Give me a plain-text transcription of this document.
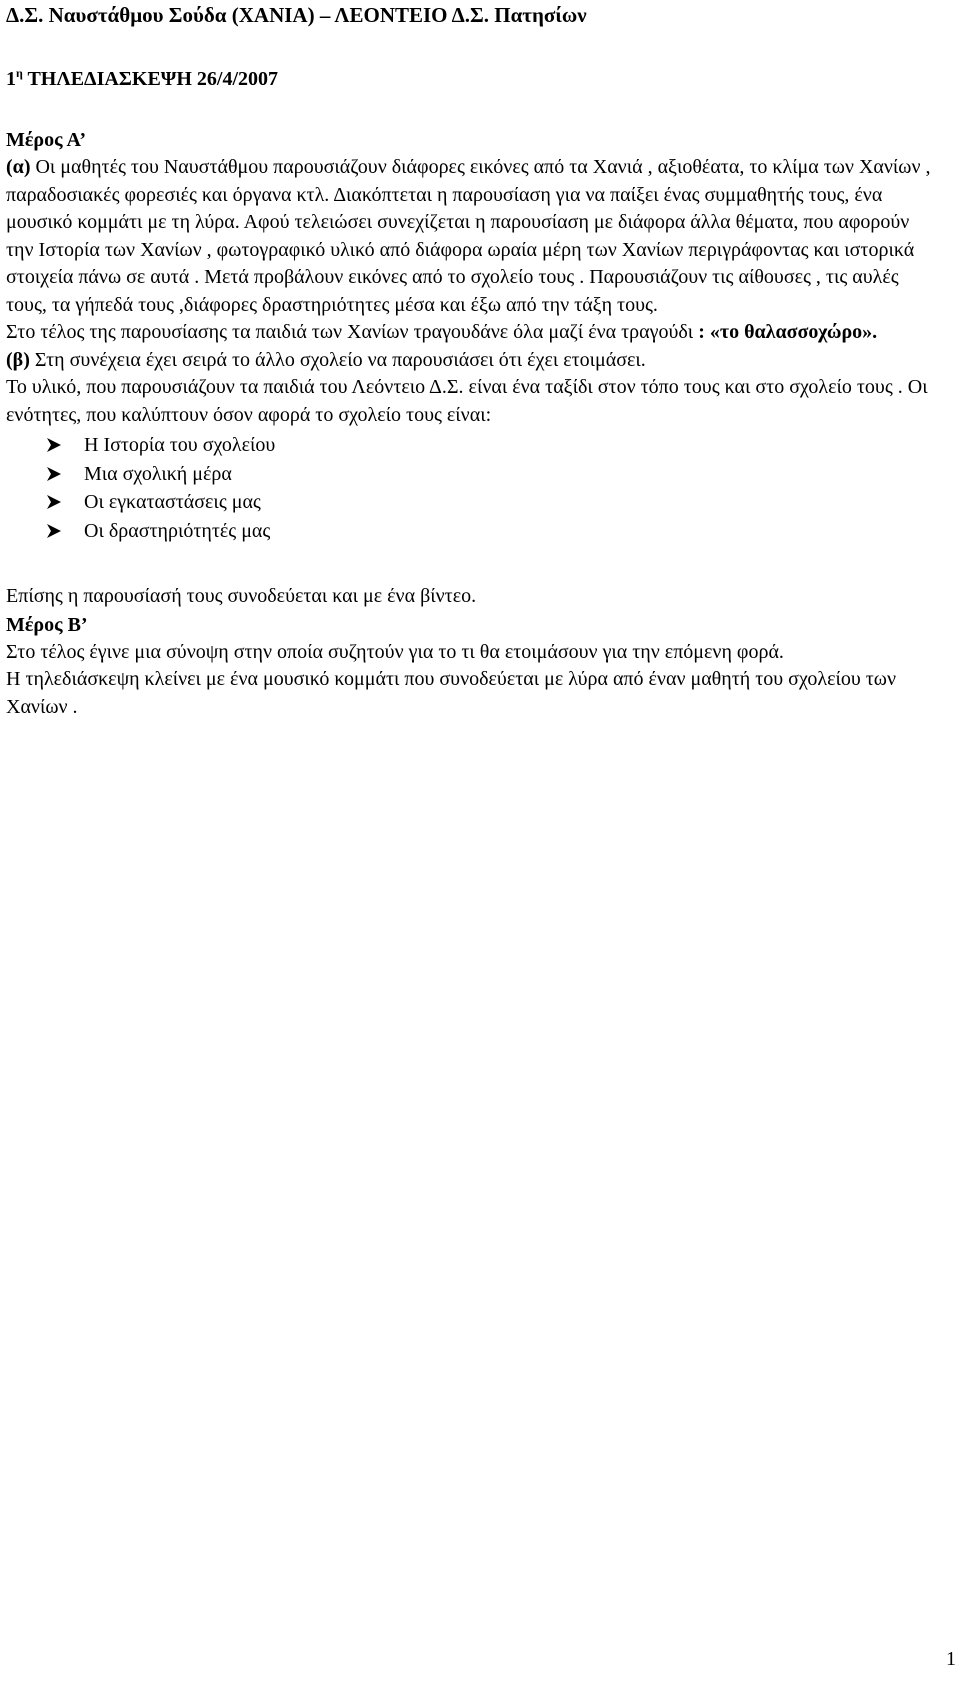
Δ.Σ. Ναυστάθμου Σούδα (ΧΑΝΙΑ) – ΛΕΟΝΤΕΙΟ Δ.Σ. Πατησίων
$1^\eta$ ΤΗΛΕΔΙΑΣΚΕΨΗ 26/4/2007
Μέρος Α’

(α) Οι μαθητές του Ναυστάθμου παρουσιάζουν διάφορες εικόνες από τα Χανιά , αξιοθέατα, το κλίμα των Χανίων , παραδοσιακές φορεσιές και όργανα κτλ. Διακόπτεται η παρουσίαση για να παίξει ένας συμμαθητής τους, ένα μουσικό κομμάτι με τη λύρα. Αφού τελειώσει συνεχίζεται η παρουσίαση με διάφορα άλλα θέματα, που αφορούν την Ιστορία των Χανίων , φωτογραφικό υλικό από διάφορα ωραία μέρη των Χανίων περιγράφοντας και ιστορικά στοιχεία πάνω σε αυτά . Μετά προβάλουν εικόνες από το σχολείο τους . Παρουσιάζουν τις αίθουσες , τις αυλές τους, τα γήπεδά τους ,διάφορες δραστηριότητες μέσα και έξω από την τάξη τους.

Στο τέλος της παρουσίασης τα παιδιά των Χανίων τραγουδάνε όλα μαζί ένα τραγούδι : «το θαλασσοχώρο».

(β) Στη συνέχεια έχει σειρά το άλλο σχολείο να παρουσιάσει ότι έχει ετοιμάσει.

Το υλικό, που παρουσιάζουν τα παιδιά του Λεόντειο Δ.Σ. είναι ένα ταξίδι στον τόπο τους και στο σχολείο τους . Οι ενότητες, που καλύπτουν όσον αφορά το σχολείο τους είναι:

Η Ιστορία του σχολείου
Μια σχολική μέρα
Οι εγκαταστάσεις μας
Οι δραστηριότητές μας

Επίσης η παρουσίασή τους συνοδεύεται και με ένα βίντεο.

Μέρος Β’

Στο τέλος έγινε μια σύνοψη στην οποία συζητούν για το τι θα ετοιμάσουν για την επόμενη φορά.

Η τηλεδιάσκεψη κλείνει με ένα μουσικό κομμάτι που συνοδεύεται με λύρα από έναν μαθητή του σχολείου των Χανίων .

1
